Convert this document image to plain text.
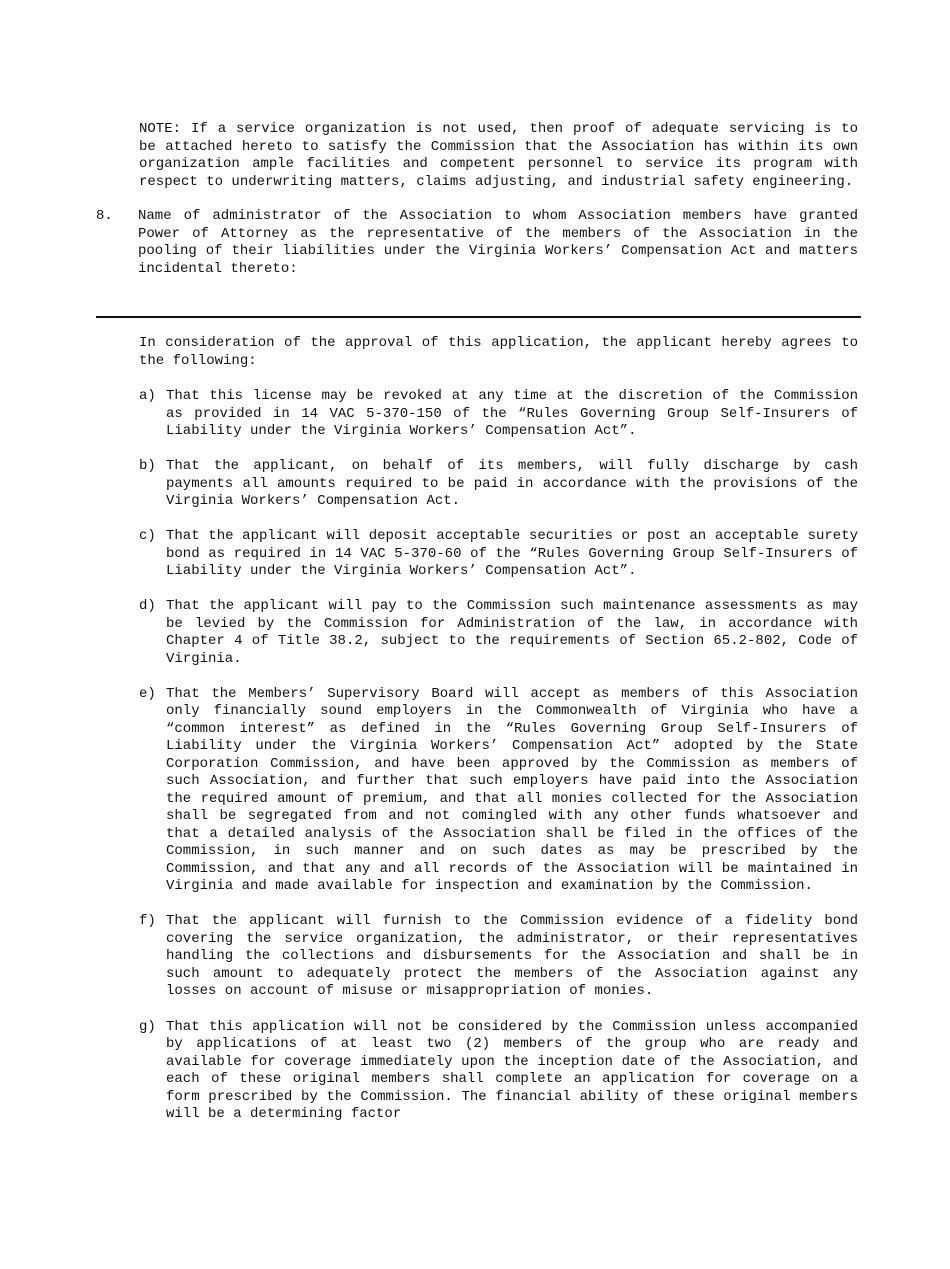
NOTE: If a service organization is not used, then proof of adequate servicing is to be attached hereto to satisfy the Commission that the Association has within its own organization ample facilities and competent personnel to service its program with respect to underwriting matters, claims adjusting, and industrial safety engineering.

8.	Name of administrator of the Association to whom Association members have granted Power of Attorney as the representative of the members of the Association in the pooling of their liabilities under the Virginia Workers’ Compensation Act and matters incidental thereto:

In consideration of the approval of this application, the applicant hereby agrees to the following:

a) That this license may be revoked at any time at the discretion of the Commission as provided in 14 VAC 5-370-150 of the “Rules Governing Group Self-Insurers of Liability under the Virginia Workers’ Compensation Act”.
b) That the applicant, on behalf of its members, will fully discharge by cash payments all amounts required to be paid in accordance with the provisions of the Virginia Workers’ Compensation Act.
c) That the applicant will deposit acceptable securities or post an acceptable surety bond as required in 14 VAC 5-370-60 of the “Rules Governing Group Self-Insurers of Liability under the Virginia Workers’ Compensation Act”.
d) That the applicant will pay to the Commission such maintenance assessments as may be levied by the Commission for Administration of the law, in accordance with Chapter 4 of Title 38.2, subject to the requirements of Section 65.2-802, Code of Virginia.
e) That the Members’ Supervisory Board will accept as members of this Association only financially sound employers in the Commonwealth of Virginia who have a “common interest” as defined in the “Rules Governing Group Self-Insurers of Liability under the Virginia Workers’ Compensation Act” adopted by the State Corporation Commission, and have been approved by the Commission as members of such Association, and further that such employers have paid into the Association the required amount of premium, and that all monies collected for the Association shall be segregated from and not comingled with any other funds whatsoever and that a detailed analysis of the Association shall be filed in the offices of the Commission, in such manner and on such dates as may be prescribed by the Commission, and that any and all records of the Association will be maintained in Virginia and made available for inspection and examination by the Commission.
f) That the applicant will furnish to the Commission evidence of a fidelity bond covering the service organization, the administrator, or their representatives handling the collections and disbursements for the Association and shall be in such amount to adequately protect the members of the Association against any losses on account of misuse or misappropriation of monies.
g) That this application will not be considered by the Commission unless accompanied by applications of at least two (2) members of the group who are ready and available for coverage immediately upon the inception date of the Association, and each of these original members shall complete an application for coverage on a form prescribed by the Commission. The financial ability of these original members will be a determining factor
